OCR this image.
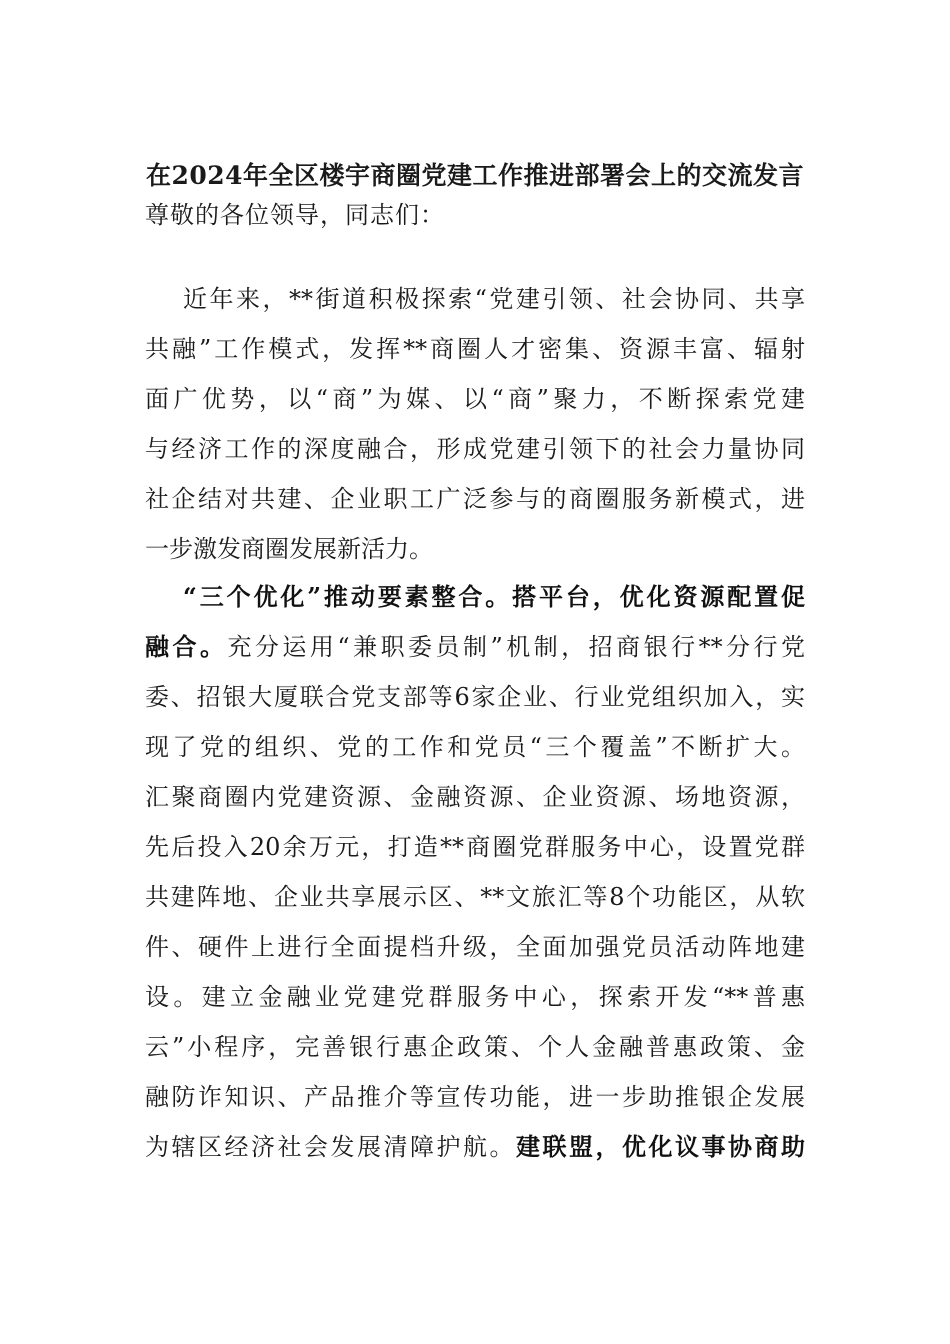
在2024年全区楼宇商圈党建工作推进部署会上的交流发言
尊敬的各位领导，同志们：
近年来，**街道积极探索“党建引领、社会协同、共享
共融”工作模式，发挥**商圈人才密集、资源丰富、辐射
面广优势，以“商”为媒、以“商”聚力，不断探索党建
与经济工作的深度融合，形成党建引领下的社会力量协同
社企结对共建、企业职工广泛参与的商圈服务新模式，进
一步激发商圈发展新活力。
“三个优化”推动要素整合。搭平台，优化资源配置促
融合。充分运用“兼职委员制”机制，招商银行**分行党
委、招银大厦联合党支部等6家企业、行业党组织加入，实
现了党的组织、党的工作和党员“三个覆盖”不断扩大。
汇聚商圈内党建资源、金融资源、企业资源、场地资源，
先后投入20余万元，打造**商圈党群服务中心，设置党群
共建阵地、企业共享展示区、**文旅汇等8个功能区，从软
件、硬件上进行全面提档升级，全面加强党员活动阵地建
设。建立金融业党建党群服务中心，探索开发“**普惠
云”小程序，完善银行惠企政策、个人金融普惠政策、金
融防诈知识、产品推介等宣传功能，进一步助推银企发展
为辖区经济社会发展清障护航。建联盟，优化议事协商助
